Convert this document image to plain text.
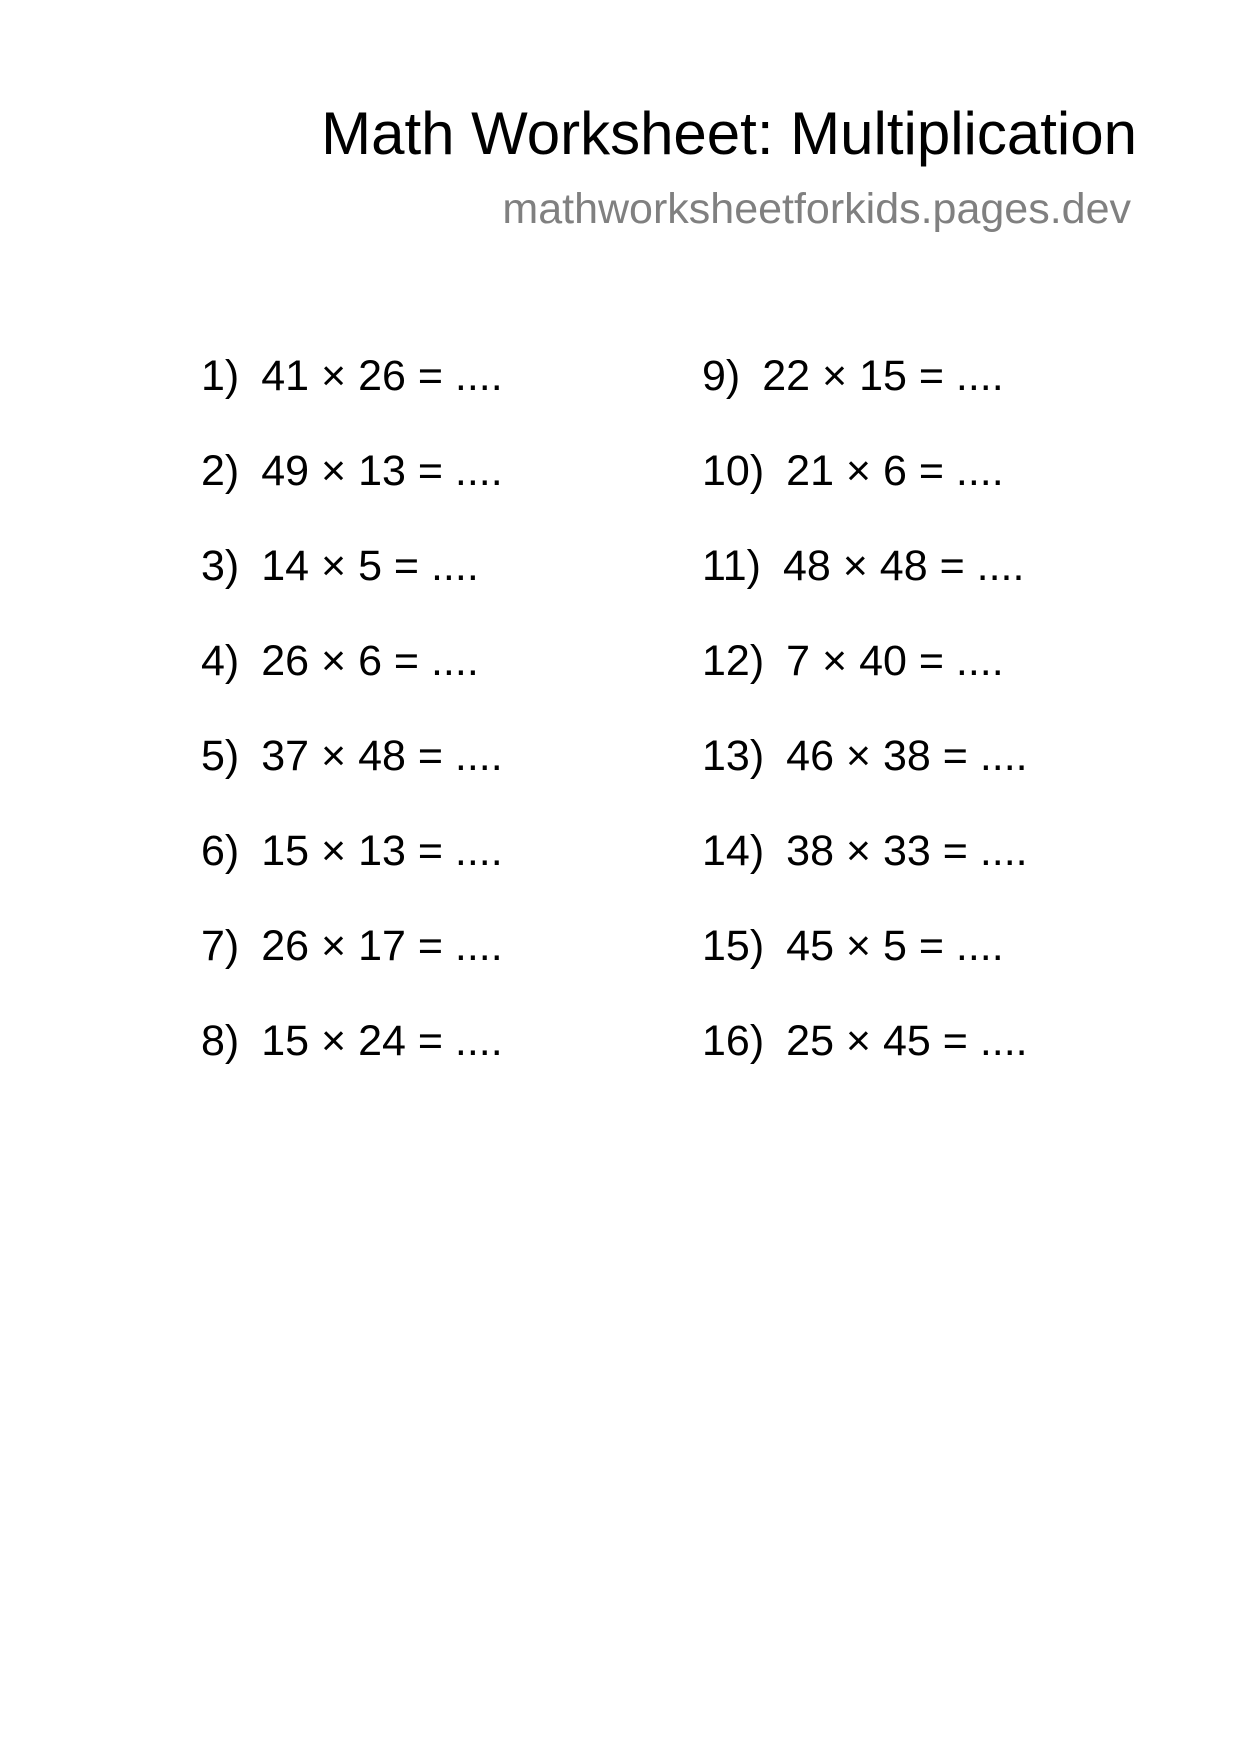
Math Worksheet: Multiplication
mathworksheetforkids.pages.dev
1) 41 × 26 = ....
2) 49 × 13 = ....
3) 14 × 5 = ....
4) 26 × 6 = ....
5) 37 × 48 = ....
6) 15 × 13 = ....
7) 26 × 17 = ....
8) 15 × 24 = ....
9) 22 × 15 = ....
10) 21 × 6 = ....
11) 48 × 48 = ....
12) 7 × 40 = ....
13) 46 × 38 = ....
14) 38 × 33 = ....
15) 45 × 5 = ....
16) 25 × 45 = ....
